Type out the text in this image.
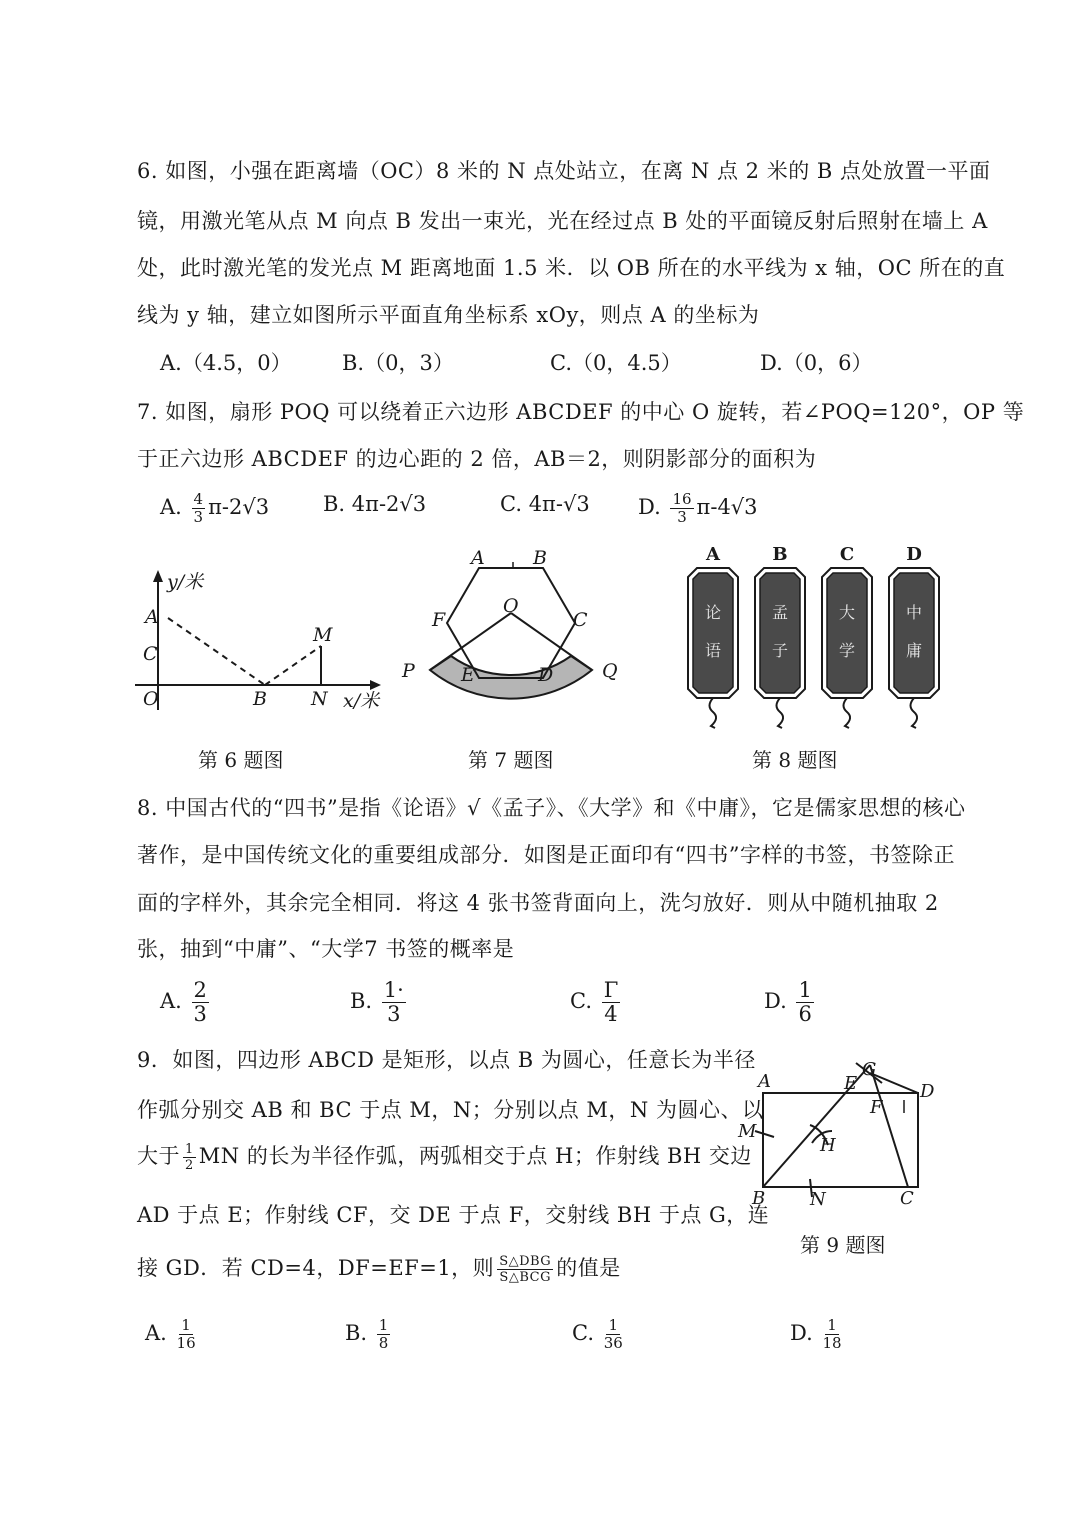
6. 如图，小强在距离墙（OC）8 米的 N 点处站立，在离 N 点 2 米的 B 点处放置一平面
镜，用激光笔从点 M 向点 B 发出一束光，光在经过点 B 处的平面镜反射后照射在墙上 A
处，此时激光笔的发光点 M 距离地面 1.5 米．以 OB 所在的水平线为 x 轴，OC 所在的直
线为 y 轴，建立如图所示平面直角坐标系 xOy，则点 A 的坐标为
A.（4.5，0） B.（0，3）	C.（0，4.5）	D.（0，6）
7. 如图，扇形 POQ 可以绕着正六边形 ABCDEF 的中心 O 旋转，若∠POQ=120°，OP 等
于正六边形 ABCDEF 的边心距的 2 倍，AB＝2，则阴影部分的面积为
A. $\frac{4}{3} \pi-2√3$	B. 4π-2√3	C. 4π-√3 D. $\frac{16}{3} \pi-4√3$
y/米
x/米
A
C
O	B N
M
第 6 题图
A	B
C
D
E
F
O
P	Q
第 7 题图
A
论
语
B
孟
子
C
大
学
D
中
庸
第 8 题图
8. 中国古代的“四书”是指《论语》√《孟子》、《大学》和《中庸》，它是儒家思想的核心
著作，是中国传统文化的重要组成部分．如图是正面印有“四书”字样的书签，书签除正
面的字样外，其余完全相同．将这 4 张书签背面向上，洗匀放好．则从中随机抽取 2
张，抽到“中庸”、“大学7 书签的概率是
A. $\frac{2}{3}$	B. $\frac{1\cdot}{3}$	C. $\frac{\Gamma}{4}$	D. $\frac{1}{6}$
9．如图，四边形 ABCD 是矩形，以点 B 为圆心，任意长为半径
作弧分别交 AB 和 BC 于点 M，N；分别以点 M，N 为圆心、以
大于 $\frac{1}{2}$ MN 的长为半径作弧，两弧相交于点 H；作射线 BH 交边
AD 于点 E；作射线 CF，交 DE 于点 F，交射线 BH 于点 G，连
接 GD．若 CD=4，DF=EF=1，则 $\frac{\text{S△DBG}}{\text{S△BCG}}$ 的值是
A. $\frac{1}{16}$	B. $\frac{1}{8}$	C. $\frac{1}{36}$	D. $\frac{1}{18}$
A
B	C
D
E
F
G
H
M
N
第 9 题图
